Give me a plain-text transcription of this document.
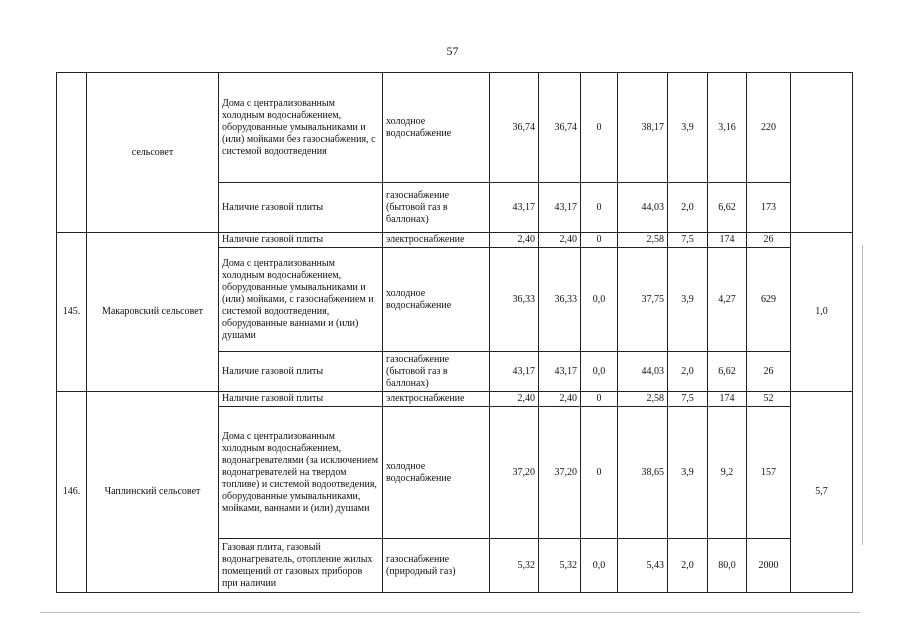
57
	сельсовет	Дома с централизованным холодным водоснабжением, оборудованные умывальниками и (или) мойками без газоснабжения, с системой водоотведения	холодное водоснабжение	36,74	36,74	0	38,17	3,9	3,16	220	
		Наличие газовой плиты	газоснабжение (бытовой газ в баллонах)	43,17	43,17	0	44,03	2,0	6,62	173	
145.	Макаровский сельсовет	Наличие газовой плиты	электроснабжение	2,40	2,40	0	2,58	7,5	174	26	1,0
		Дома с централизованным холодным водоснабжением, оборудованные умывальниками и (или) мойками, с газоснабжением и системой водоотведения, оборудованные ваннами и (или) душами	холодное водоснабжение	36,33	36,33	0,0	37,75	3,9	4,27	629	
		Наличие газовой плиты	газоснабжение (бытовой газ в баллонах)	43,17	43,17	0,0	44,03	2,0	6,62	26	
146.	Чаплинский сельсовет	Наличие газовой плиты	электроснабжение	2,40	2,40	0	2,58	7,5	174	52	5,7
		Дома с централизованным холодным водоснабжением, водонагревателями (за исключением водонагревателей на твердом топливе) и системой водоотведения, оборудованные умывальниками, мойками, ваннами и (или) душами	холодное водоснабжение	37,20	37,20	0	38,65	3,9	9,2	157	
		Газовая плита, газовый водонагреватель, отопление жилых помещений от газовых приборов при наличии	газоснабжение (природный газ)	5,32	5,32	0,0	5,43	2,0	80,0	2000	
